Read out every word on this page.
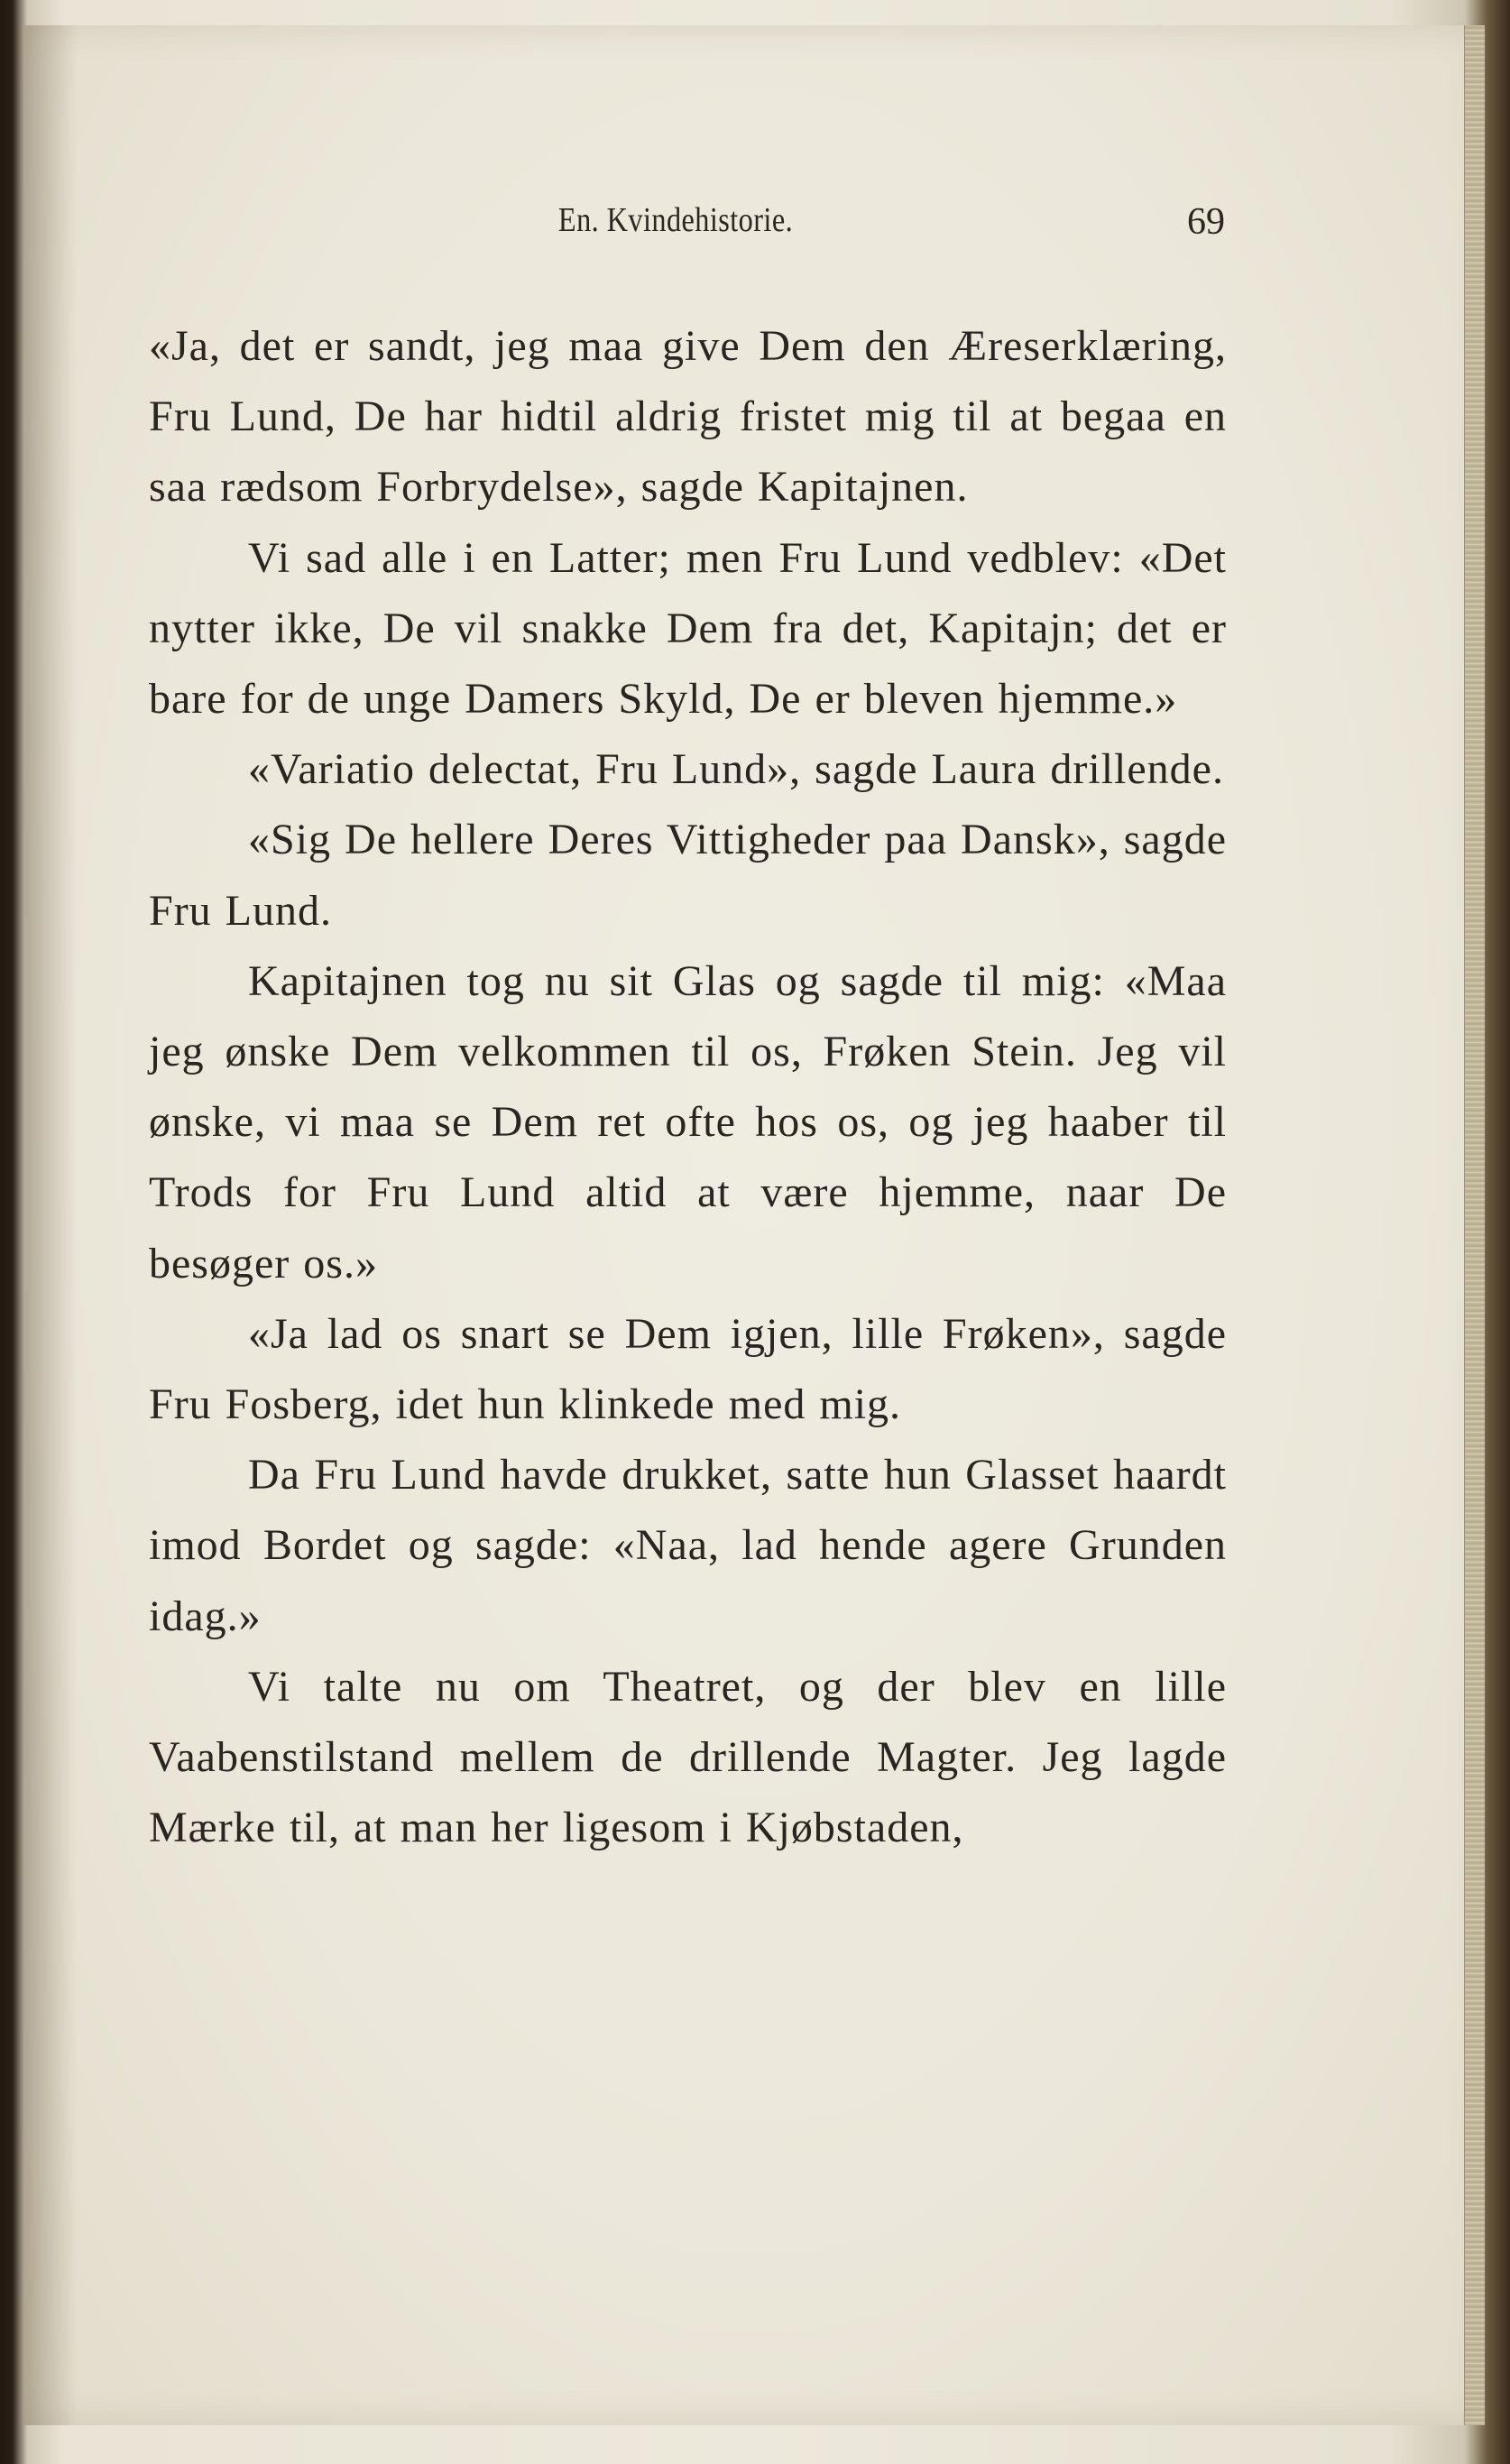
En. Kvindehistorie.	69

«Ja, det er sandt, jeg maa give Dem den Æreserklæring, Fru Lund, De har hidtil aldrig fristet mig til at begaa en saa rædsom Forbrydelse», sagde Kapitajnen.

Vi sad alle i en Latter; men Fru Lund vedblev: «Det nytter ikke, De vil snakke Dem fra det, Kapitajn; det er bare for de unge Damers Skyld, De er bleven hjemme.»

«Variatio delectat, Fru Lund», sagde Laura drillende.

«Sig De hellere Deres Vittigheder paa Dansk», sagde Fru Lund.

Kapitajnen tog nu sit Glas og sagde til mig: «Maa jeg ønske Dem velkommen til os, Frøken Stein. Jeg vil ønske, vi maa se Dem ret ofte hos os, og jeg haaber til Trods for Fru Lund altid at være hjemme, naar De besøger os.»

«Ja lad os snart se Dem igjen, lille Frøken», sagde Fru Fosberg, idet hun klinkede med mig.

Da Fru Lund havde drukket, satte hun Glasset haardt imod Bordet og sagde: «Naa, lad hende agere Grunden idag.»

Vi talte nu om Theatret, og der blev en lille Vaabenstilstand mellem de drillende Magter. Jeg lagde Mærke til, at man her ligesom i Kjøbstaden,
